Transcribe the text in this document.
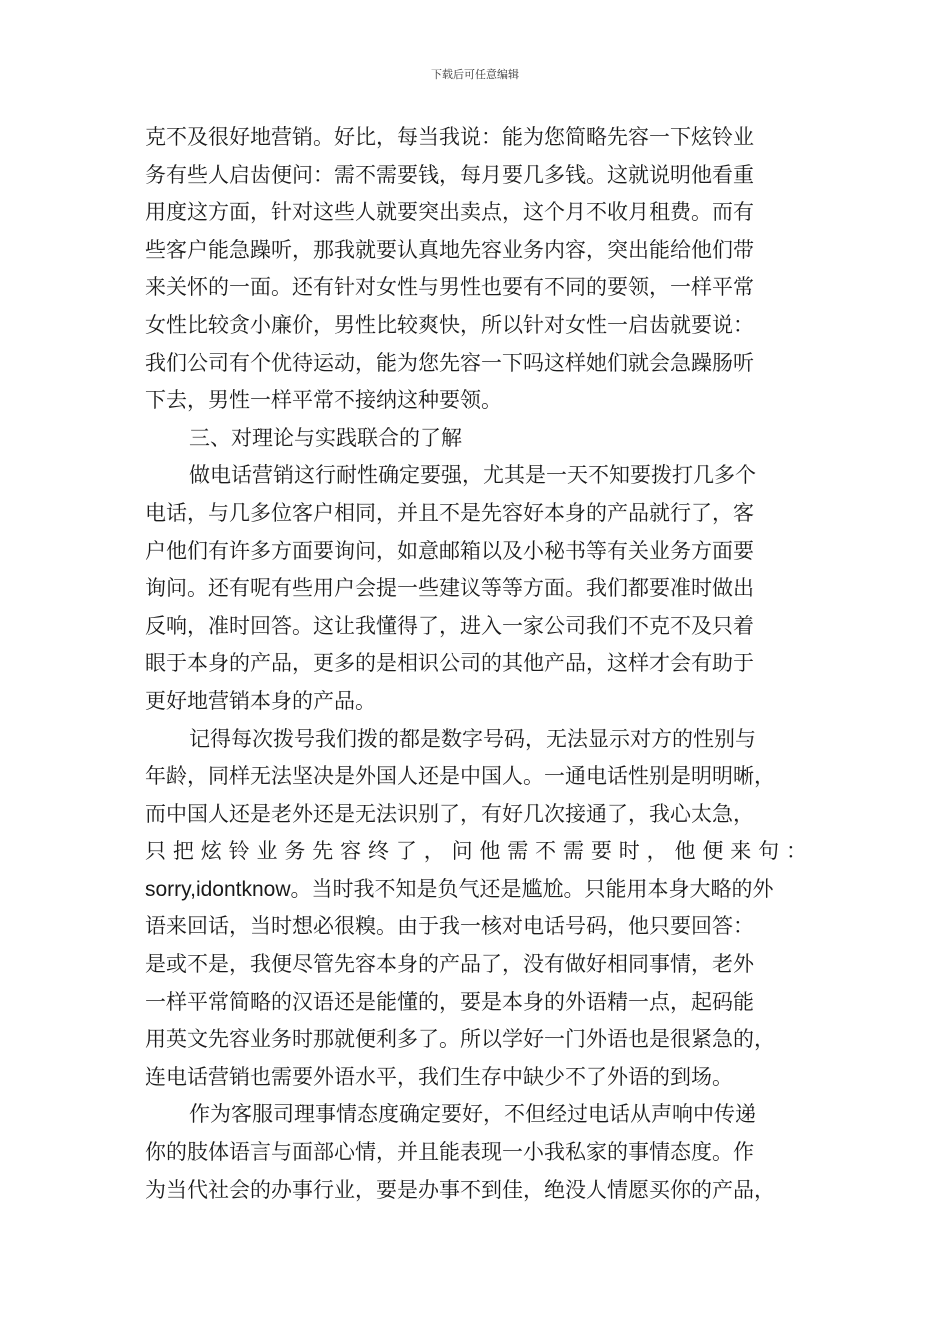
下载后可任意编辑
克不及很好地营销。好比，每当我说：能为您简略先容一下炫铃业
务有些人启齿便问：需不需要钱，每月要几多钱。这就说明他看重
用度这方面，针对这些人就要突出卖点，这个月不收月租费。而有
些客户能急躁听，那我就要认真地先容业务内容，突出能给他们带
来关怀的一面。还有针对女性与男性也要有不同的要领，一样平常
女性比较贪小廉价，男性比较爽快，所以针对女性一启齿就要说：
我们公司有个优待运动，能为您先容一下吗这样她们就会急躁肠听
下去，男性一样平常不接纳这种要领。
三、对理论与实践联合的了解
做电话营销这行耐性确定要强，尤其是一天不知要拨打几多个
电话，与几多位客户相同，并且不是先容好本身的产品就行了，客
户他们有许多方面要询问，如意邮箱以及小秘书等有关业务方面要
询问。还有呢有些用户会提一些建议等等方面。我们都要准时做出
反响，准时回答。这让我懂得了，进入一家公司我们不克不及只着
眼于本身的产品，更多的是相识公司的其他产品，这样才会有助于
更好地营销本身的产品。
记得每次拨号我们拨的都是数字号码，无法显示对方的性别与
年龄，同样无法坚决是外国人还是中国人。一通电话性别是明明晰，
而中国人还是老外还是无法识别了，有好几次接通了，我心太急，
只把炫铃业务先容终了，问他需不需要时，他便来句：
sorry,idontknow。当时我不知是负气还是尴尬。只能用本身大略的外
语来回话，当时想必很糗。由于我一核对电话号码，他只要回答：
是或不是，我便尽管先容本身的产品了，没有做好相同事情，老外
一样平常简略的汉语还是能懂的，要是本身的外语精一点，起码能
用英文先容业务时那就便利多了。所以学好一门外语也是很紧急的，
连电话营销也需要外语水平，我们生存中缺少不了外语的到场。
作为客服司理事情态度确定要好，不但经过电话从声响中传递
你的肢体语言与面部心情，并且能表现一小我私家的事情态度。作
为当代社会的办事行业，要是办事不到佳，绝没人情愿买你的产品，
